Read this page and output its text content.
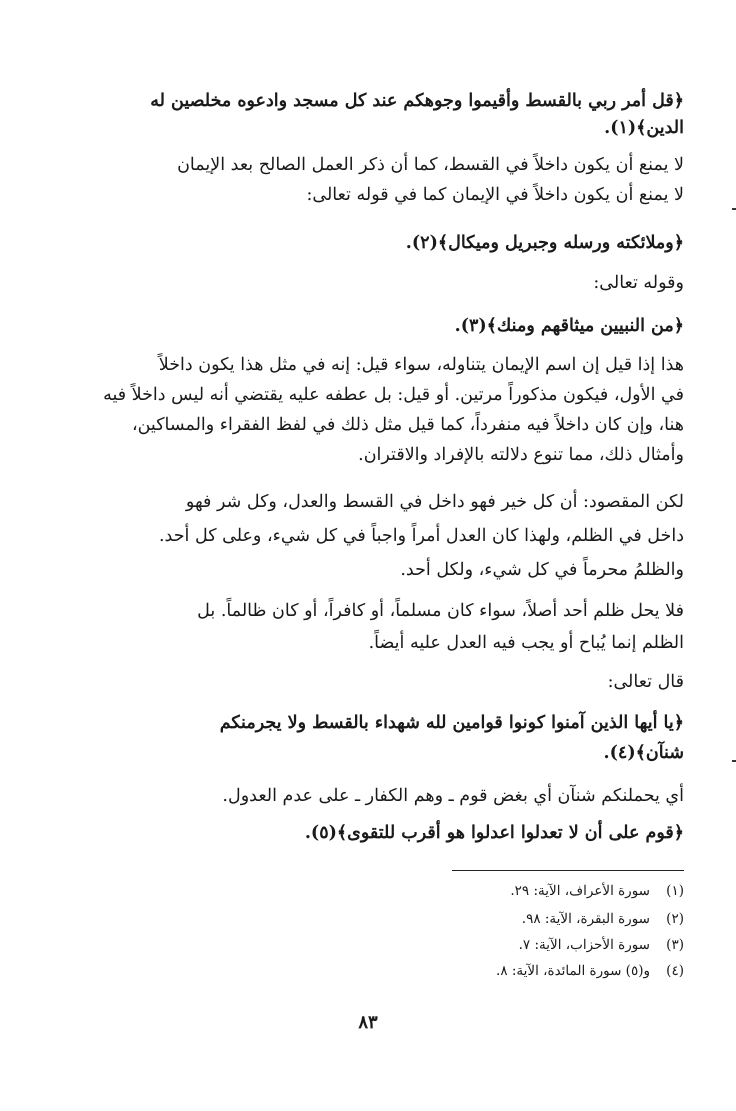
﴿قل أمر ربي بالقسط وأقيموا وجوهكم عند كل مسجد وادعوه مخلصين له
الدين﴾(١).
لا يمنع أن يكون داخلاً في القسط، كما أن ذكر العمل الصالح بعد الإيمان
لا يمنع أن يكون داخلاً في الإيمان كما في قوله تعالى:
﴿وملائكته ورسله وجبريل وميكال﴾(٢).
وقوله تعالى:
﴿من النبيين ميثاقهم ومنك﴾(٣).
هذا إذا قيل إن اسم الإيمان يتناوله، سواء قيل: إنه في مثل هذا يكون داخلاً
في الأول، فيكون مذكوراً مرتين. أو قيل: بل عطفه عليه يقتضي أنه ليس داخلاً فيه
هنا، وإن كان داخلاً فيه منفرداً، كما قيل مثل ذلك في لفظ الفقراء والمساكين،
وأمثال ذلك، مما تنوع دلالته بالإفراد والاقتران.
لكن المقصود: أن كل خير فهو داخل في القسط والعدل، وكل شر فهو
داخل في الظلم، ولهذا كان العدل أمراً واجباً في كل شيء، وعلى كل أحد.
والظلمُ محرماً في كل شيء، ولكل أحد.
فلا يحل ظلم أحد أصلاً، سواء كان مسلماً، أو كافراً، أو كان ظالماً. بل
الظلم إنما يُباح أو يجب فيه العدل عليه أيضاً.
قال تعالى:
﴿يا أيها الذين آمنوا كونوا قوامين لله شهداء بالقسط ولا يجرمنكم
شنآن﴾(٤).
أي يحملنكم شنآن أي بغض قوم ـ وهم الكفار ـ على عدم العدول.
﴿قوم على أن لا تعدلوا اعدلوا هو أقرب للتقوى﴾(٥).
(١)سورة الأعراف، الآية: ٢٩.
(٢)سورة البقرة، الآية: ٩٨.
(٣)سورة الأحزاب، الآية: ٧.
(٤)و(٥) سورة المائدة، الآية: ٨.
٨٣
